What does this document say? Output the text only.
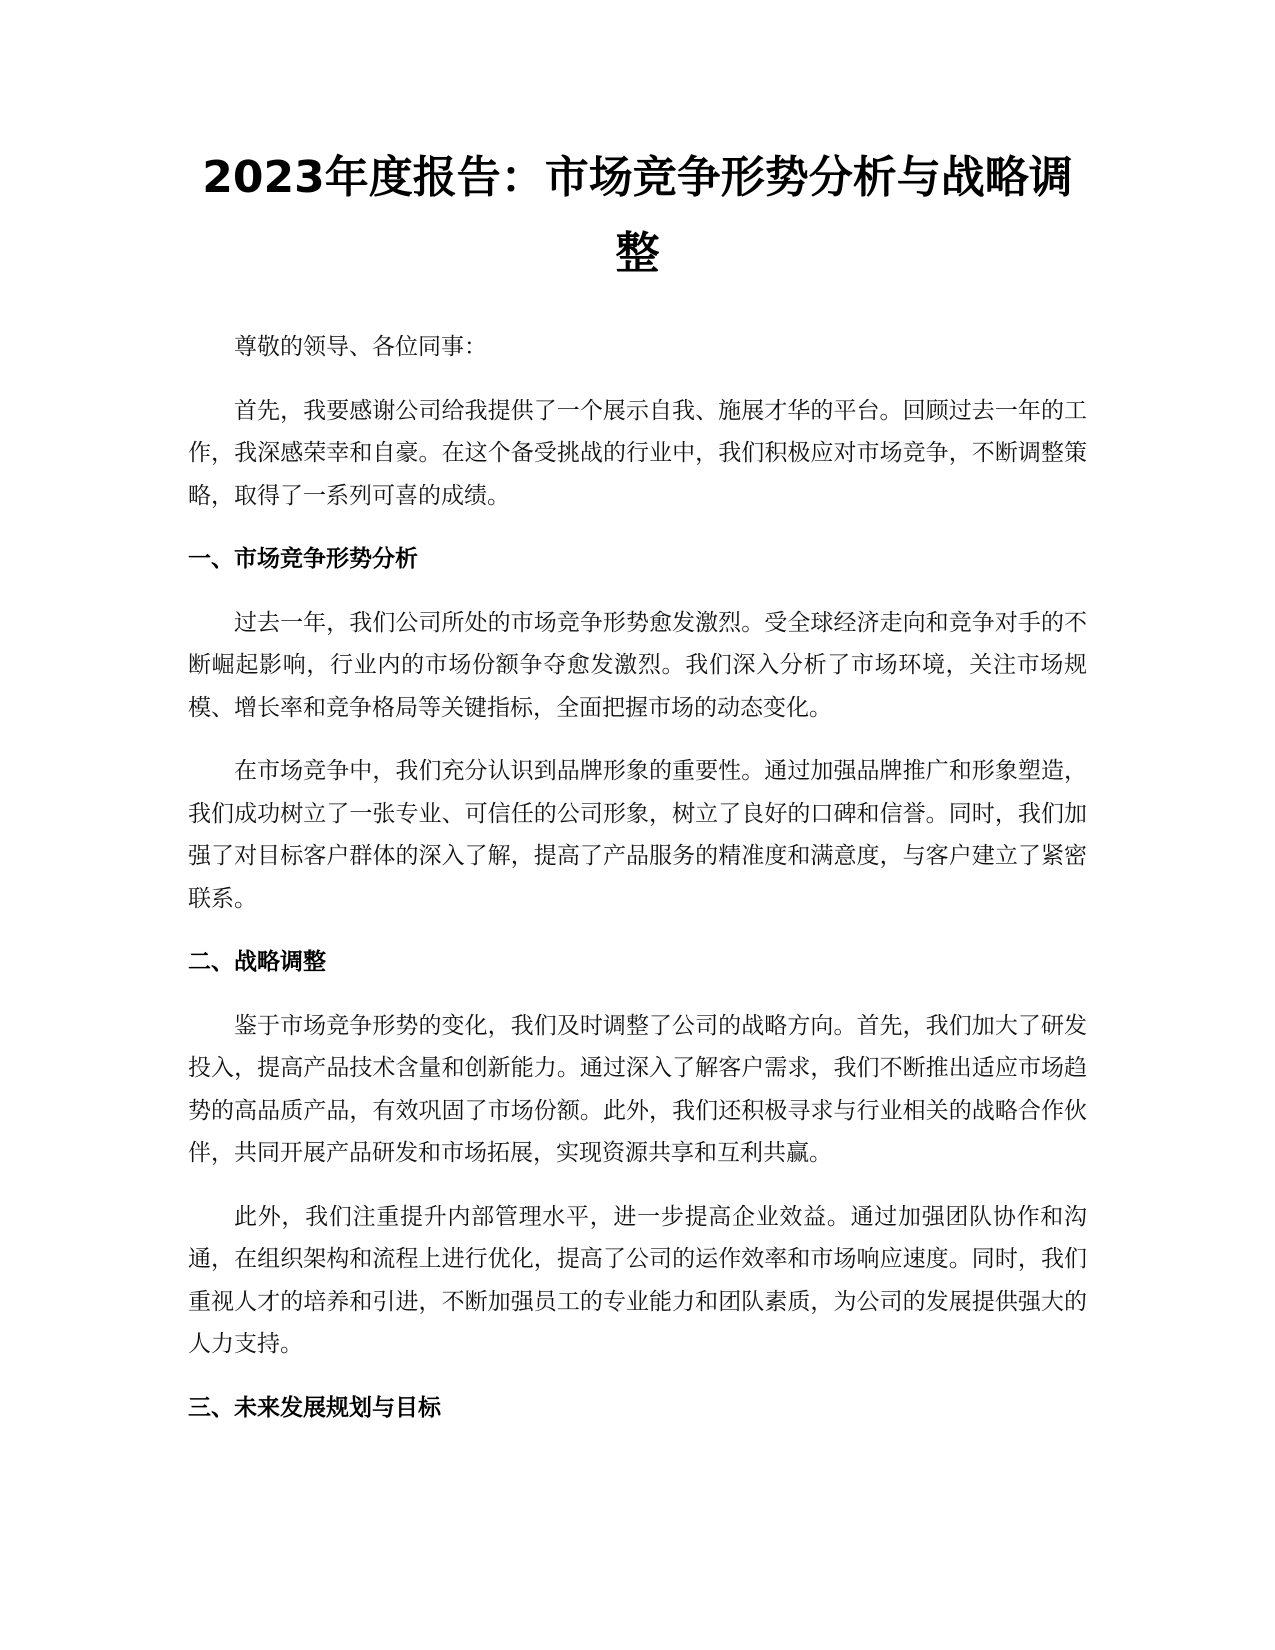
2023年度报告：市场竞争形势分析与战略调整

尊敬的领导、各位同事：

首先，我要感谢公司给我提供了一个展示自我、施展才华的平台。回顾过去一年的工作，我深感荣幸和自豪。在这个备受挑战的行业中，我们积极应对市场竞争，不断调整策略，取得了一系列可喜的成绩。

一、市场竞争形势分析

过去一年，我们公司所处的市场竞争形势愈发激烈。受全球经济走向和竞争对手的不断崛起影响，行业内的市场份额争夺愈发激烈。我们深入分析了市场环境，关注市场规模、增长率和竞争格局等关键指标，全面把握市场的动态变化。

在市场竞争中，我们充分认识到品牌形象的重要性。通过加强品牌推广和形象塑造，我们成功树立了一张专业、可信任的公司形象，树立了良好的口碑和信誉。同时，我们加强了对目标客户群体的深入了解，提高了产品服务的精准度和满意度，与客户建立了紧密联系。

二、战略调整

鉴于市场竞争形势的变化，我们及时调整了公司的战略方向。首先，我们加大了研发投入，提高产品技术含量和创新能力。通过深入了解客户需求，我们不断推出适应市场趋势的高品质产品，有效巩固了市场份额。此外，我们还积极寻求与行业相关的战略合作伙伴，共同开展产品研发和市场拓展，实现资源共享和互利共赢。

此外，我们注重提升内部管理水平，进一步提高企业效益。通过加强团队协作和沟通，在组织架构和流程上进行优化，提高了公司的运作效率和市场响应速度。同时，我们重视人才的培养和引进，不断加强员工的专业能力和团队素质，为公司的发展提供强大的人力支持。

三、未来发展规划与目标
